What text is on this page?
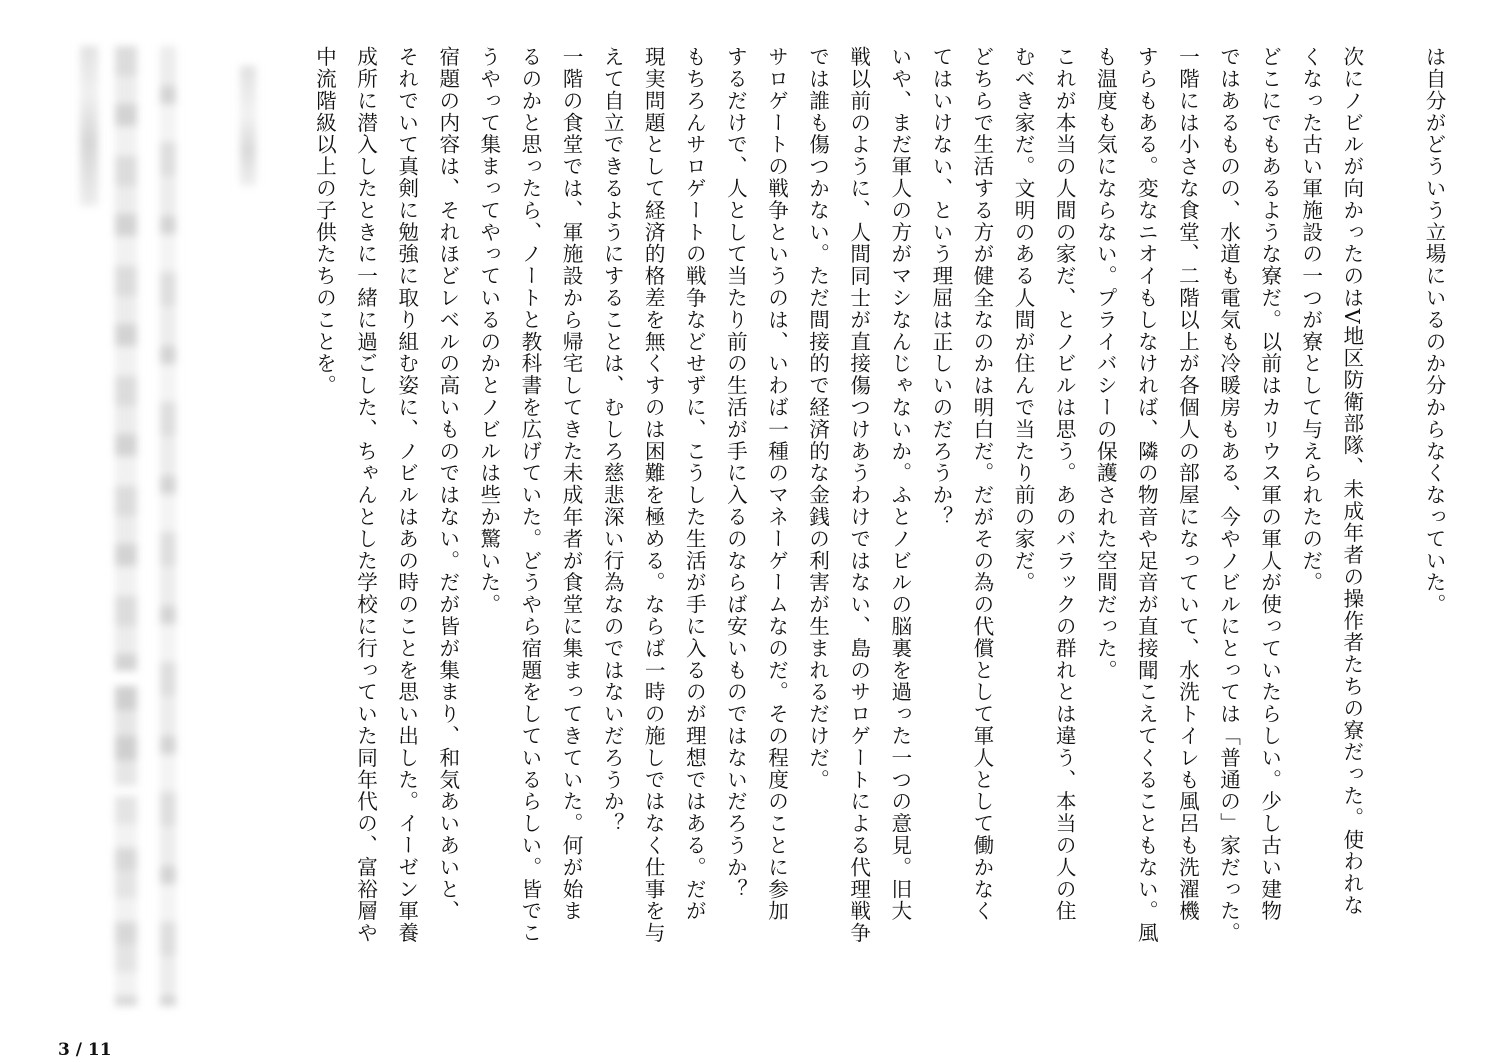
は自分がどういう立場にいるのか分からなくなっていた。

次にノビルが向かったのはV地区防衛部隊、未成年者の操作者たちの寮だった。使われな
くなった古い軍施設の一つが寮として与えられたのだ。
どこにでもあるような寮だ。以前はカリウス軍の軍人が使っていたらしい。少し古い建物
ではあるものの、水道も電気も冷暖房もある、今やノビルにとっては「普通の」家だった。
一階には小さな食堂、二階以上が各個人の部屋になっていて、水洗トイレも風呂も洗濯機
すらもある。変なニオイもしなければ、隣の物音や足音が直接聞こえてくることもない。風
も温度も気にならない。プライバシーの保護された空間だった。
これが本当の人間の家だ、とノビルは思う。あのバラックの群れとは違う、本当の人の住
むべき家だ。文明のある人間が住んで当たり前の家だ。
どちらで生活する方が健全なのかは明白だ。だがその為の代償として軍人として働かなく
てはいけない、という理屈は正しいのだろうか？
いや、まだ軍人の方がマシなんじゃないか。ふとノビルの脳裏を過った一つの意見。旧大
戦以前のように、人間同士が直接傷つけあうわけではない、島のサロゲートによる代理戦争
では誰も傷つかない。ただ間接的で経済的な金銭の利害が生まれるだけだ。
サロゲートの戦争というのは、いわば一種のマネーゲームなのだ。その程度のことに参加
するだけで、人として当たり前の生活が手に入るのならば安いものではないだろうか？
もちろんサロゲートの戦争などせずに、こうした生活が手に入るのが理想ではある。だが
現実問題として経済的格差を無くすのは困難を極める。ならば一時の施しではなく仕事を与
えて自立できるようにすることは、むしろ慈悲深い行為なのではないだろうか？
一階の食堂では、軍施設から帰宅してきた未成年者が食堂に集まってきていた。何が始ま
るのかと思ったら、ノートと教科書を広げていた。どうやら宿題をしているらしい。皆でこ
うやって集まってやっているのかとノビルは些か驚いた。
宿題の内容は、それほどレベルの高いものではない。だが皆が集まり、和気あいあいと、
それでいて真剣に勉強に取り組む姿に、ノビルはあの時のことを思い出した。イーゼン軍養
成所に潜入したときに一緒に過ごした、ちゃんとした学校に行っていた同年代の、富裕層や
中流階級以上の子供たちのことを。
3 / 11
